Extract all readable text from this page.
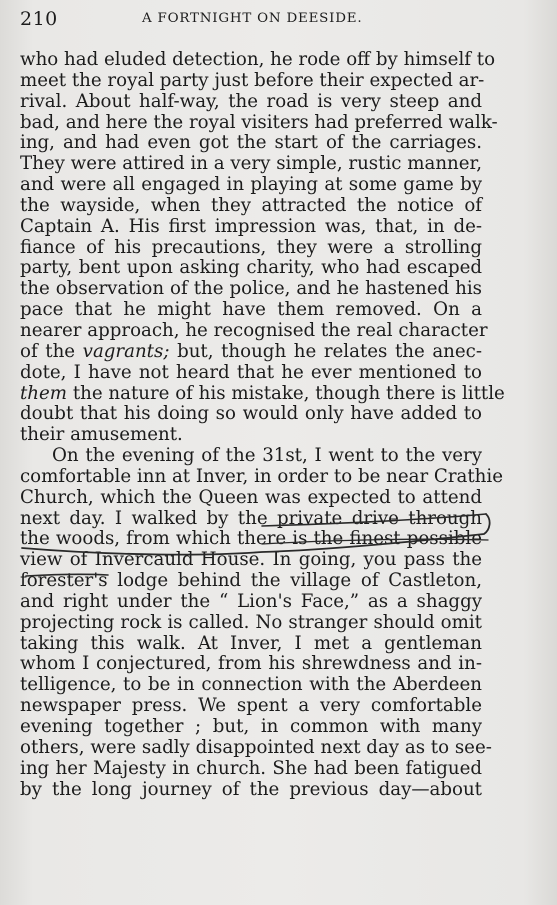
210	A FORTNIGHT ON DEESIDE.
who had eluded detection, he rode off by himself to
meet the royal party just before their expected ar-
rival. About half-way, the road is very steep and
bad, and here the royal visiters had preferred walk-
ing, and had even got the start of the carriages.
They were attired in a very simple, rustic manner,
and were all engaged in playing at some game by
the wayside, when they attracted the notice of
Captain A. His first impression was, that, in de-
fiance of his precautions, they were a strolling
party, bent upon asking charity, who had escaped
the observation of the police, and he hastened his
pace that he might have them removed. On a
nearer approach, he recognised the real character
of the vagrants; but, though he relates the anec-
dote, I have not heard that he ever mentioned to
them the nature of his mistake, though there is little
doubt that his doing so would only have added to
their amusement.
On the evening of the 31st, I went to the very
comfortable inn at Inver, in order to be near Crathie
Church, which the Queen was expected to attend
next day. I walked by the private drive through
the woods, from which there is the finest possible
view of Invercauld House. In going, you pass the
forester's lodge behind the village of Castleton,
and right under the “ Lion's Face,” as a shaggy
projecting rock is called. No stranger should omit
taking this walk. At Inver, I met a gentleman
whom I conjectured, from his shrewdness and in-
telligence, to be in connection with the Aberdeen
newspaper press. We spent a very comfortable
evening together ; but, in common with many
others, were sadly disappointed next day as to see-
ing her Majesty in church. She had been fatigued
by the long journey of the previous day—about
